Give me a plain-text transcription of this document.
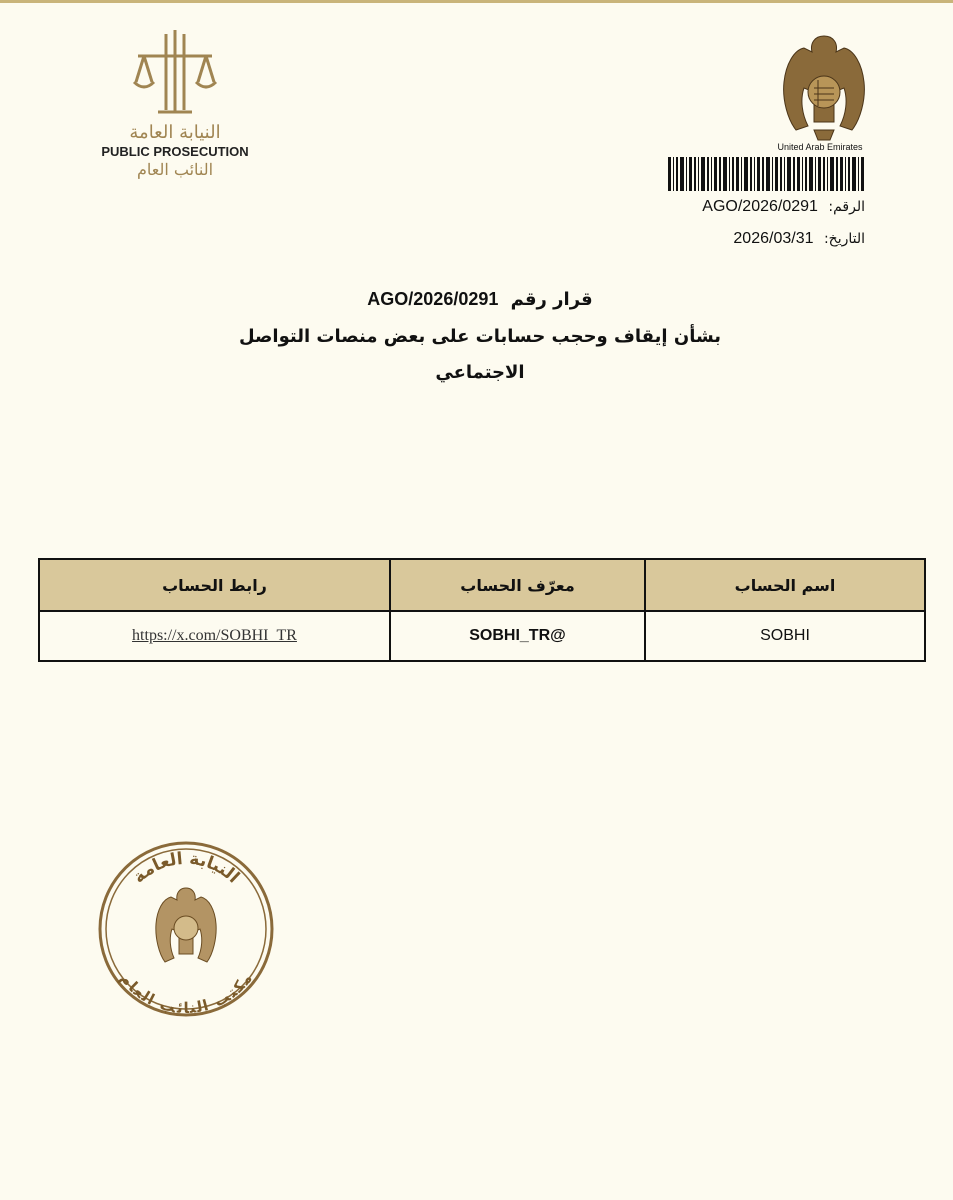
النيابة العامة
PUBLIC PROSECUTION
النائب العام
United Arab Emirates
الرقم: AGO/2026/0291
التاريخ: 2026/03/31

قرار رقم AGO/2026/0291

بشأن إيقاف وحجب حسابات على بعض منصات التواصل

الاجتماعي

اسم الحساب	معرّف الحساب	رابط الحساب
SOBHI	@SOBHI_TR	https://x.com/SOBHI_TR
النيابة العامة
مكتب النائب العام
